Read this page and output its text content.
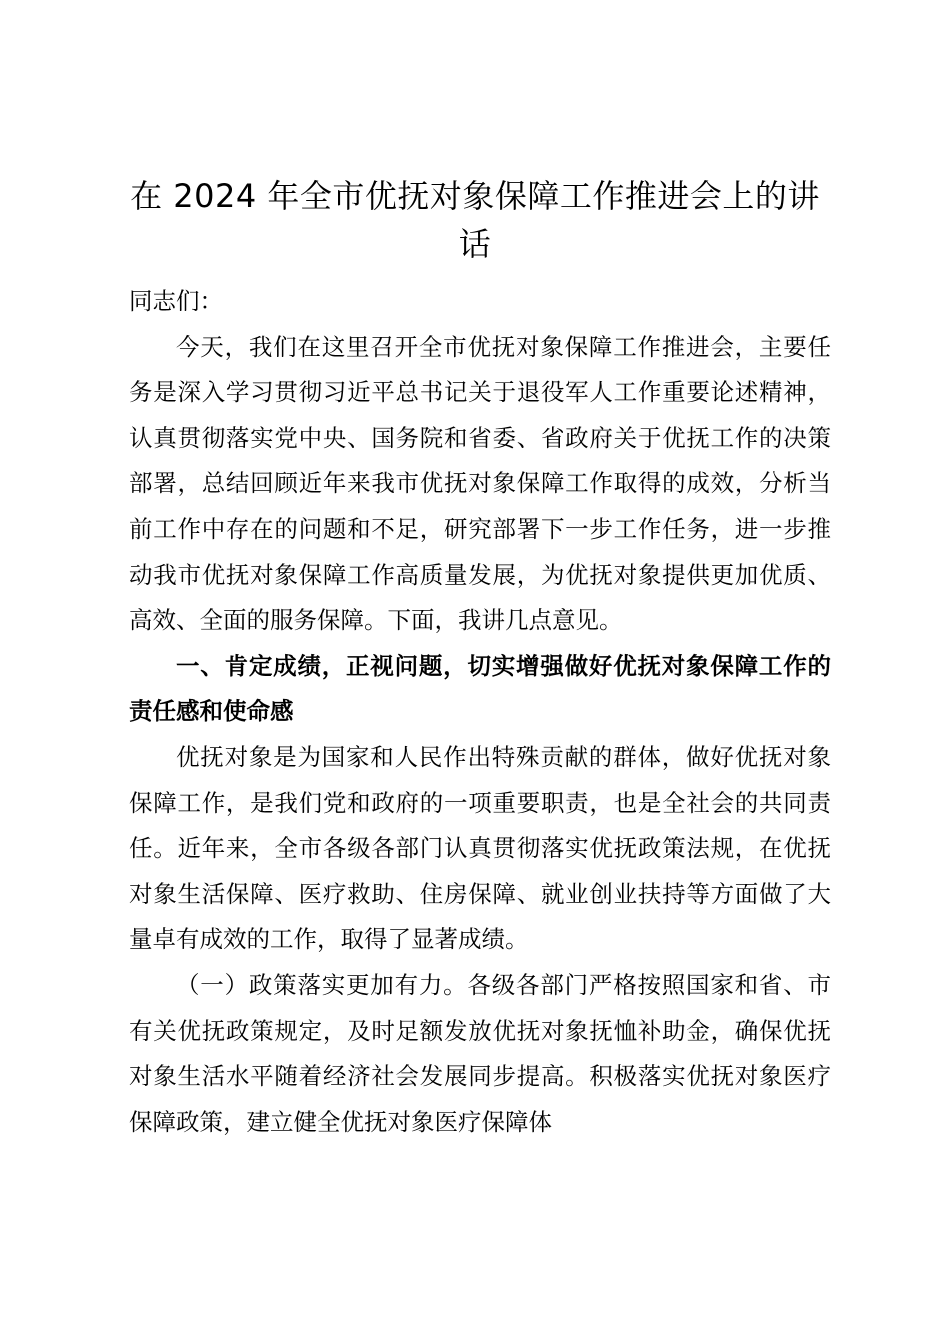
在 2024 年全市优抚对象保障工作推进会上的讲话

同志们：

今天，我们在这里召开全市优抚对象保障工作推进会，主要任务是深入学习贯彻习近平总书记关于退役军人工作重要论述精神，认真贯彻落实党中央、国务院和省委、省政府关于优抚工作的决策部署，总结回顾近年来我市优抚对象保障工作取得的成效，分析当前工作中存在的问题和不足，研究部署下一步工作任务，进一步推动我市优抚对象保障工作高质量发展，为优抚对象提供更加优质、高效、全面的服务保障。下面，我讲几点意见。

一、肯定成绩，正视问题，切实增强做好优抚对象保障工作的责任感和使命感

优抚对象是为国家和人民作出特殊贡献的群体，做好优抚对象保障工作，是我们党和政府的一项重要职责，也是全社会的共同责任。近年来，全市各级各部门认真贯彻落实优抚政策法规，在优抚对象生活保障、医疗救助、住房保障、就业创业扶持等方面做了大量卓有成效的工作，取得了显著成绩。

（一）政策落实更加有力。各级各部门严格按照国家和省、市有关优抚政策规定，及时足额发放优抚对象抚恤补助金，确保优抚对象生活水平随着经济社会发展同步提高。积极落实优抚对象医疗保障政策，建立健全优抚对象医疗保障体
